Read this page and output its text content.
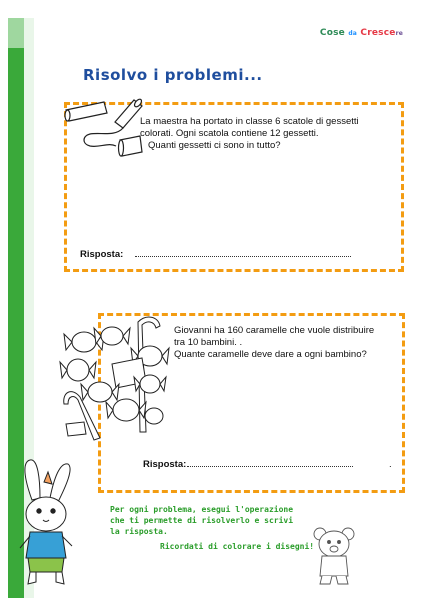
Cose da Crescere
Risolvo i problemi...
La maestra ha portato in classe 6 scatole di gessetti
colorati. Ogni scatola contiene 12 gessetti.

Quanti gessetti ci sono in tutto?
Risposta:
Giovanni ha 160 caramelle che vuole distribuire
tra 10 bambini. .
Quante caramelle deve dare a ogni bambino?
Risposta:	.
Per ogni problema, esegui l'operazione che ti permette di risolverlo e scrivi la risposta.
Ricordati di colorare i disegni!
